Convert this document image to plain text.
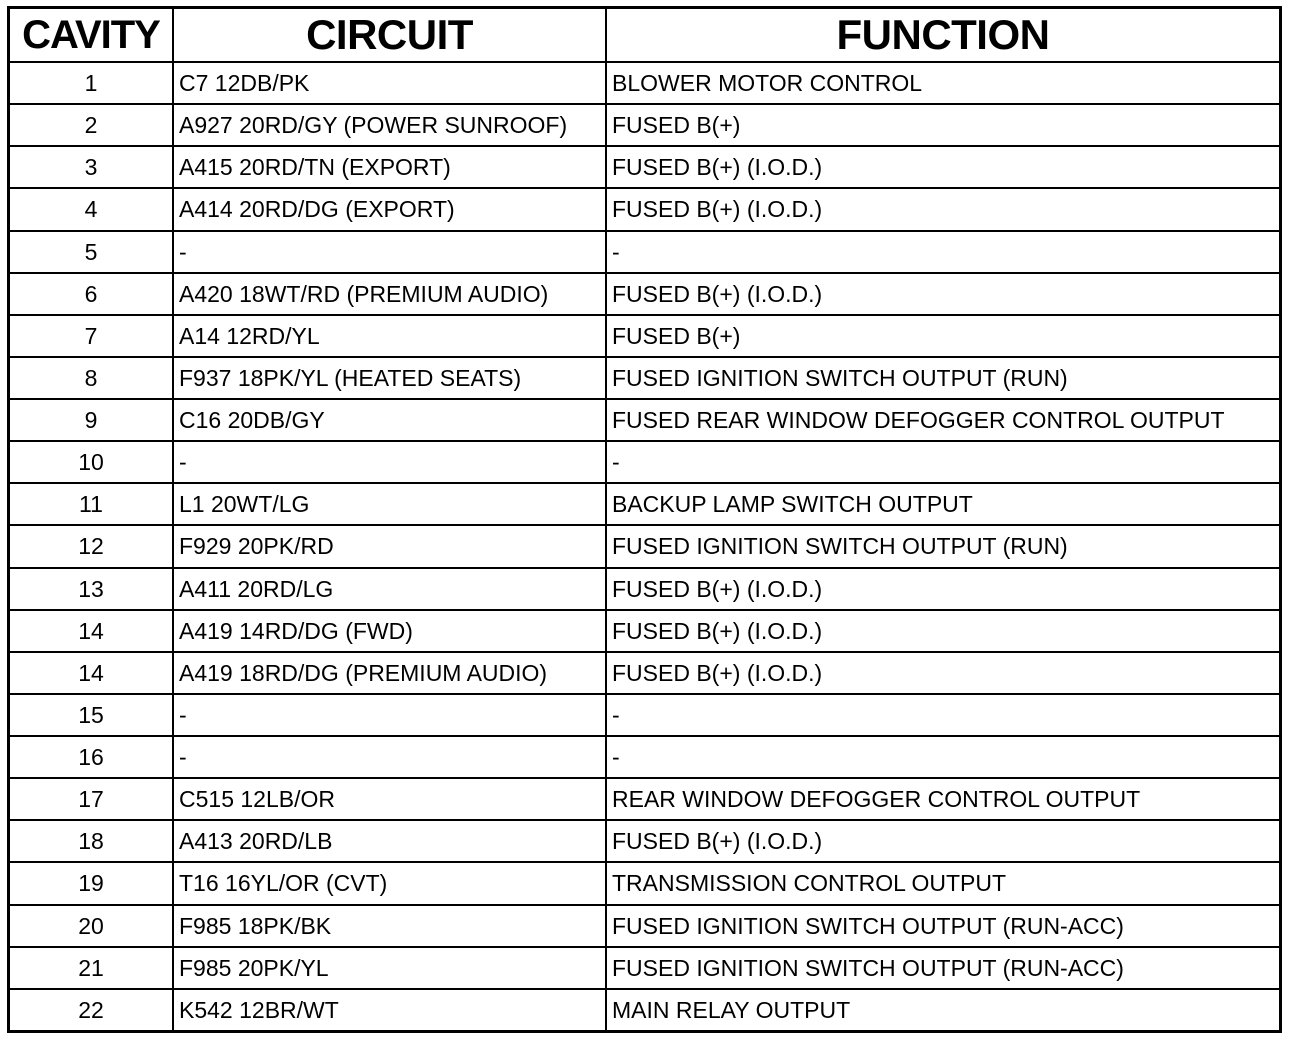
CAVITY	CIRCUIT	FUNCTION
1	C7 12DB/PK	BLOWER MOTOR CONTROL
2	A927 20RD/GY (POWER SUNROOF)	FUSED B(+)
3	A415 20RD/TN (EXPORT)	FUSED B(+) (I.O.D.)
4	A414 20RD/DG (EXPORT)	FUSED B(+) (I.O.D.)
5	-	-
6	A420 18WT/RD (PREMIUM AUDIO)	FUSED B(+) (I.O.D.)
7	A14 12RD/YL	FUSED B(+)
8	F937 18PK/YL (HEATED SEATS)	FUSED IGNITION SWITCH OUTPUT (RUN)
9	C16 20DB/GY	FUSED REAR WINDOW DEFOGGER CONTROL OUTPUT
10	-	-
11	L1 20WT/LG	BACKUP LAMP SWITCH OUTPUT
12	F929 20PK/RD	FUSED IGNITION SWITCH OUTPUT (RUN)
13	A411 20RD/LG	FUSED B(+) (I.O.D.)
14	A419 14RD/DG (FWD)	FUSED B(+) (I.O.D.)
14	A419 18RD/DG (PREMIUM AUDIO)	FUSED B(+) (I.O.D.)
15	-	-
16	-	-
17	C515 12LB/OR	REAR WINDOW DEFOGGER CONTROL OUTPUT
18	A413 20RD/LB	FUSED B(+) (I.O.D.)
19	T16 16YL/OR (CVT)	TRANSMISSION CONTROL OUTPUT
20	F985 18PK/BK	FUSED IGNITION SWITCH OUTPUT (RUN-ACC)
21	F985 20PK/YL	FUSED IGNITION SWITCH OUTPUT (RUN-ACC)
22	K542 12BR/WT	MAIN RELAY OUTPUT
